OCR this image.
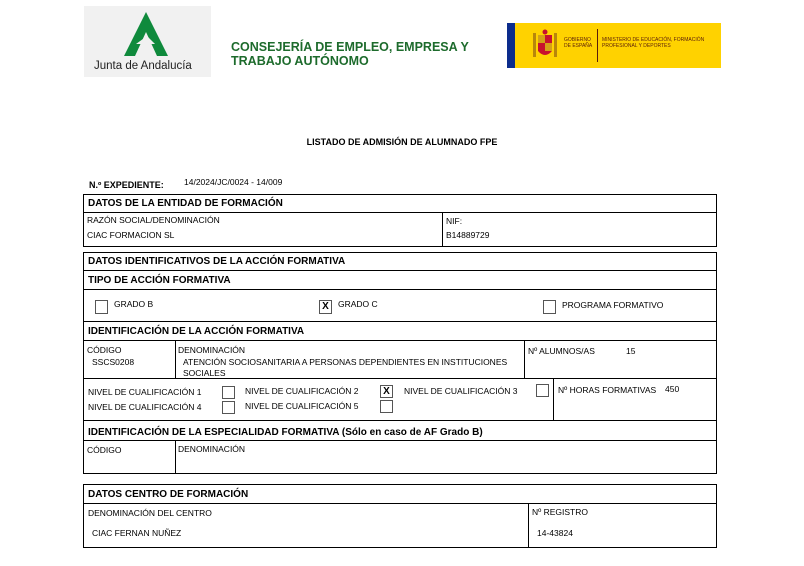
Junta de Andalucía
CONSEJERÍA DE EMPLEO, EMPRESA Y TRABAJO AUTÓNOMO
GOBIERNO DE ESPAÑA
MINISTERIO DE EDUCACIÓN, FORMACIÓN PROFESIONAL Y DEPORTES
LISTADO DE ADMISIÓN DE ALUMNADO FPE
N.º EXPEDIENTE: 14/2024/JC/0024 - 14/009
DATOS DE LA ENTIDAD DE FORMACIÓN
RAZÓN SOCIAL/DENOMINACIÓN
CIAC FORMACION SL
NIF:
B14889729
DATOS IDENTIFICATIVOS DE LA ACCIÓN FORMATIVA
TIPO DE ACCIÓN FORMATIVA
GRADO B	X	GRADO C	PROGRAMA FORMATIVO
IDENTIFICACIÓN DE LA ACCIÓN FORMATIVA
CÓDIGO
SSCS0208
DENOMINACIÓN
ATENCIÓN SOCIOSANITARIA A PERSONAS DEPENDIENTES EN INSTITUCIONES
SOCIALES
Nº ALUMNOS/AS	15
NIVEL DE CUALIFICACIÓN 1	NIVEL DE CUALIFICACIÓN 2	X	NIVEL DE CUALIFICACIÓN 3
NIVEL DE CUALIFICACIÓN 4	NIVEL DE CUALIFICACIÓN 5
Nº HORAS FORMATIVAS 450
IDENTIFICACIÓN DE LA ESPECIALIDAD FORMATIVA (Sólo en caso de AF Grado B)
CÓDIGO	DENOMINACIÓN
DATOS CENTRO DE FORMACIÓN
DENOMINACIÓN DEL CENTRO
CIAC FERNAN NUÑEZ
Nº REGISTRO
14-43824
